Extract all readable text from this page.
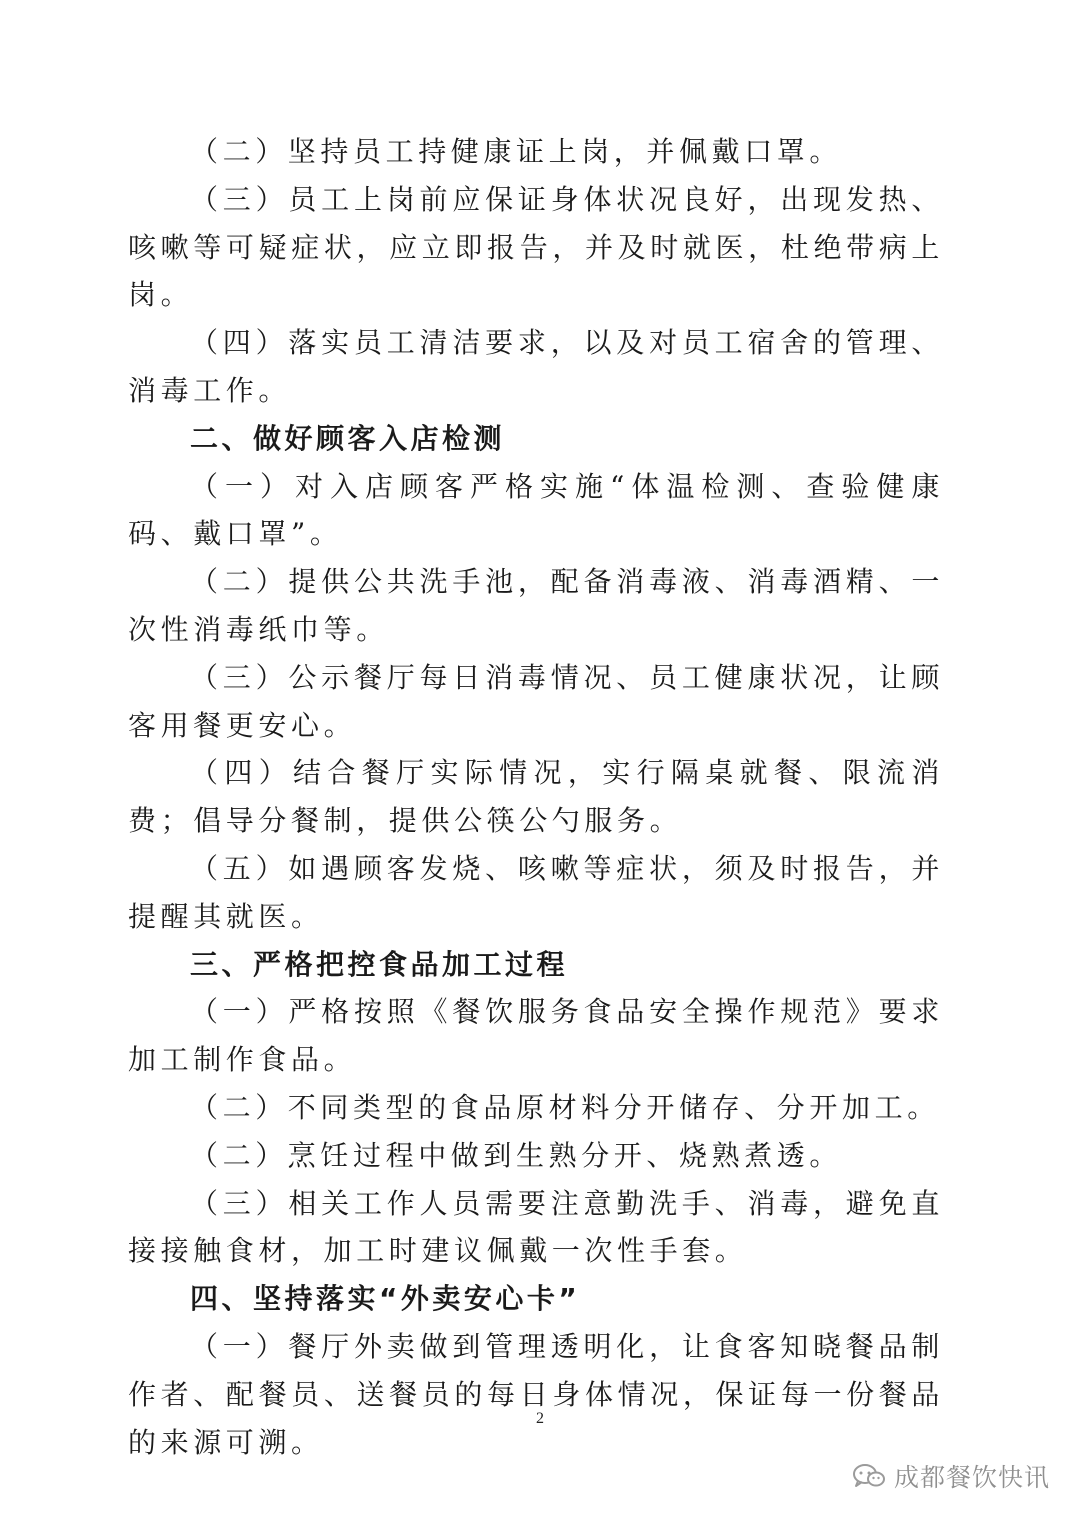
（二）坚持员工持健康证上岗，并佩戴口罩。

（三）员工上岗前应保证身体状况良好，出现发热、咳嗽等可疑症状，应立即报告，并及时就医，杜绝带病上岗。

（四）落实员工清洁要求，以及对员工宿舍的管理、消毒工作。

二、做好顾客入店检测

（一）对入店顾客严格实施“体温检测、查验健康码、戴口罩”。

（二）提供公共洗手池，配备消毒液、消毒酒精、一次性消毒纸巾等。

（三）公示餐厅每日消毒情况、员工健康状况，让顾客用餐更安心。

（四）结合餐厅实际情况，实行隔桌就餐、限流消费；倡导分餐制，提供公筷公勺服务。

（五）如遇顾客发烧、咳嗽等症状，须及时报告，并提醒其就医。

三、严格把控食品加工过程

（一）严格按照《餐饮服务食品安全操作规范》要求加工制作食品。

（二）不同类型的食品原材料分开储存、分开加工。

（二）烹饪过程中做到生熟分开、烧熟煮透。

（三）相关工作人员需要注意勤洗手、消毒，避免直接接触食材，加工时建议佩戴一次性手套。

四、坚持落实“外卖安心卡”

（一）餐厅外卖做到管理透明化，让食客知晓餐品制作者、配餐员、送餐员的每日身体情况，保证每一份餐品的来源可溯。

2
成都餐饮快讯
